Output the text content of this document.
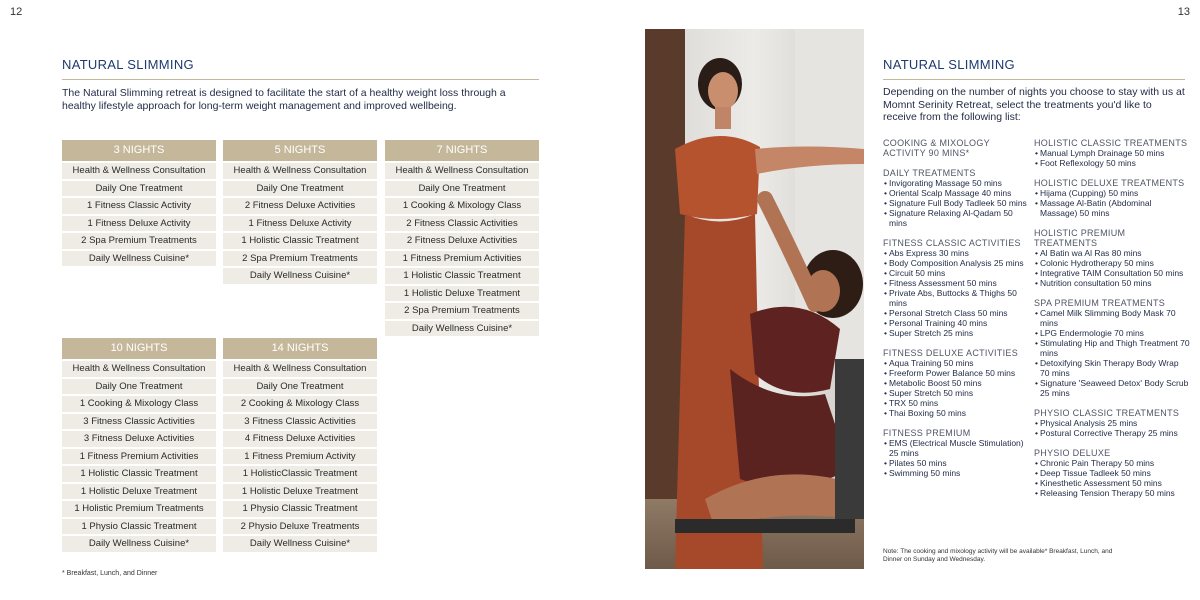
12
NATURAL SLIMMING
The Natural Slimming retreat is designed to facilitate the start of a healthy weight loss through a healthy lifestyle approach for long-term weight management and improved wellbeing.
3 NIGHTS
Health & Wellness Consultation
Daily One Treatment
1 Fitness Classic Activity
1 Fitness Deluxe Activity
2 Spa Premium Treatments
Daily Wellness Cuisine*
5 NIGHTS
Health & Wellness Consultation
Daily One Treatment
2 Fitness Deluxe Activities
1 Fitness Deluxe Activity
1 Holistic Classic Treatment
2 Spa Premium Treatments
Daily Wellness Cuisine*
7 NIGHTS
Health & Wellness Consultation
Daily One Treatment
1 Cooking & Mixology Class
2 Fitness Classic Activities
2 Fitness Deluxe Activities
1 Fitness Premium Activities
1 Holistic Classic Treatment
1 Holistic Deluxe Treatment
2 Spa Premium Treatments
Daily Wellness Cuisine*
10 NIGHTS
Health & Wellness Consultation
Daily One Treatment
1 Cooking & Mixology Class
3 Fitness Classic Activities
3 Fitness Deluxe Activities
1 Fitness Premium Activities
1 Holistic Classic Treatment
1 Holistic Deluxe Treatment
1 Holistic Premium Treatments
1 Physio Classic Treatment
Daily Wellness Cuisine*
14 NIGHTS
Health & Wellness Consultation
Daily One Treatment
2 Cooking & Mixology Class
3 Fitness Classic Activities
4 Fitness Deluxe Activities
1 Fitness Premium Activity
1 HolisticClassic Treatment
1 Holistic Deluxe Treatment
1 Physio Classic Treatment
2 Physio Deluxe Treatments
Daily Wellness Cuisine*
* Breakfast, Lunch, and Dinner
13
NATURAL SLIMMING
Depending on the number of nights you choose to stay with us at Momnt Serinity Retreat, select the treatments you'd like to receive from the following list:
COOKING & MIXOLOGY ACTIVITY 90 MINS*
DAILY TREATMENTS
• Invigorating Massage 50 mins
• Oriental Scalp Massage 40 mins
• Signature Full Body Tadleek 50 mins
• Signature Relaxing Al-Qadam 50 mins
FITNESS CLASSIC ACTIVITIES
• Abs Express 30 mins
• Body Composition Analysis 25 mins
• Circuit 50 mins
• Fitness Assessment 50 mins
• Private Abs, Buttocks & Thighs 50 mins
• Personal Stretch Class 50 mins
• Personal Training 40 mins
• Super Stretch 25 mins
FITNESS DELUXE ACTIVITIES
• Aqua Training 50 mins
• Freeform Power Balance 50 mins
• Metabolic Boost 50 mins
• Super Stretch 50 mins
• TRX 50 mins
• Thai Boxing 50 mins
FITNESS PREMIUM
• EMS (Electrical Muscle Stimulation) 25 mins
• Pilates 50 mins
• Swimming 50 mins
HOLISTIC CLASSIC TREATMENTS
• Manual Lymph Drainage 50 mins
• Foot Reflexology 50 mins
HOLISTIC DELUXE TREATMENTS
• Hijama (Cupping) 50 mins
• Massage Al-Batin (Abdominal Massage) 50 mins
HOLISTIC PREMIUM TREATMENTS
• Al Batin wa Al Ras 80 mins
• Colonic Hydrotherapy 50 mins
• Integrative TAIM Consultation 50 mins
• Nutrition consultation 50 mins
SPA PREMIUM TREATMENTS
• Camel Milk Slimming Body Mask 70 mins
• LPG Endermologie 70 mins
• Stimulating Hip and Thigh Treatment 70 mins
• Detoxifying Skin Therapy Body Wrap 70 mins
• Signature 'Seaweed Detox' Body Scrub 25 mins
PHYSIO CLASSIC TREATMENTS
• Physical Analysis 25 mins
• Postural Corrective Therapy 25 mins
PHYSIO DELUXE
• Chronic Pain Therapy 50 mins
• Deep Tissue Tadleek 50 mins
• Kinesthetic Assessment 50 mins
• Releasing Tension Therapy 50 mins
Note: The cooking and mixology activity will be available* Breakfast, Lunch, and Dinner on Sunday and Wednesday.
